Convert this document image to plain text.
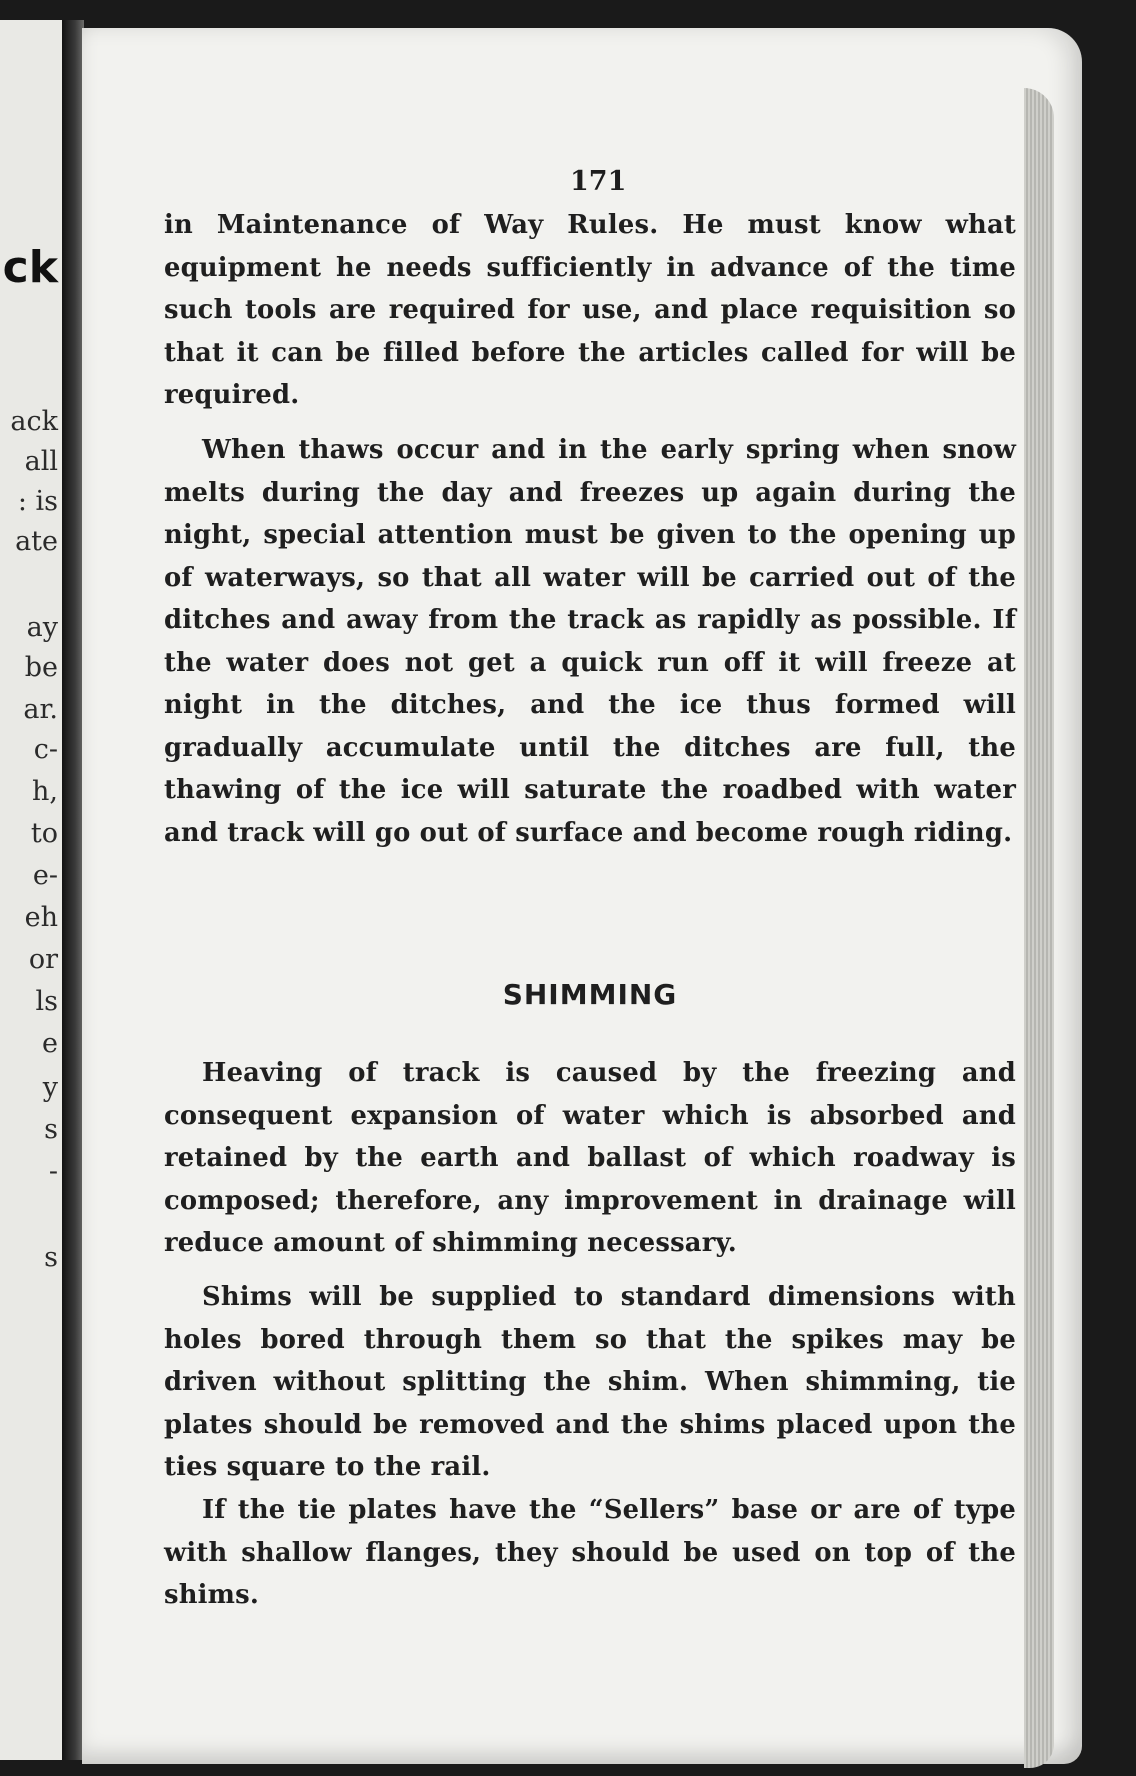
ck
ack
all
: is
ate
ay
be
ar.
c-
h,
to
e-
eh
or
ls
e
y
s
-
s
171

in Maintenance of Way Rules. He must know what equipment he needs sufficiently in advance of the time such tools are required for use, and place requisition so that it can be filled before the articles called for will be required.

When thaws occur and in the early spring when snow melts during the day and freezes up again during the night, special attention must be given to the opening up of waterways, so that all water will be carried out of the ditches and away from the track as rapidly as possible. If the water does not get a quick run off it will freeze at night in the ditches, and the ice thus formed will gradually accumulate until the ditches are full, the thawing of the ice will saturate the roadbed with water and track will go out of surface and become rough riding.

SHIMMING

Heaving of track is caused by the freezing and consequent expansion of water which is absorbed and retained by the earth and ballast of which roadway is composed; therefore, any improvement in drainage will reduce amount of shimming necessary.

Shims will be supplied to standard dimensions with holes bored through them so that the spikes may be driven without splitting the shim. When shimming, tie plates should be removed and the shims placed upon the ties square to the rail.

If the tie plates have the “Sellers” base or are of type with shallow flanges, they should be used on top of the shims.
